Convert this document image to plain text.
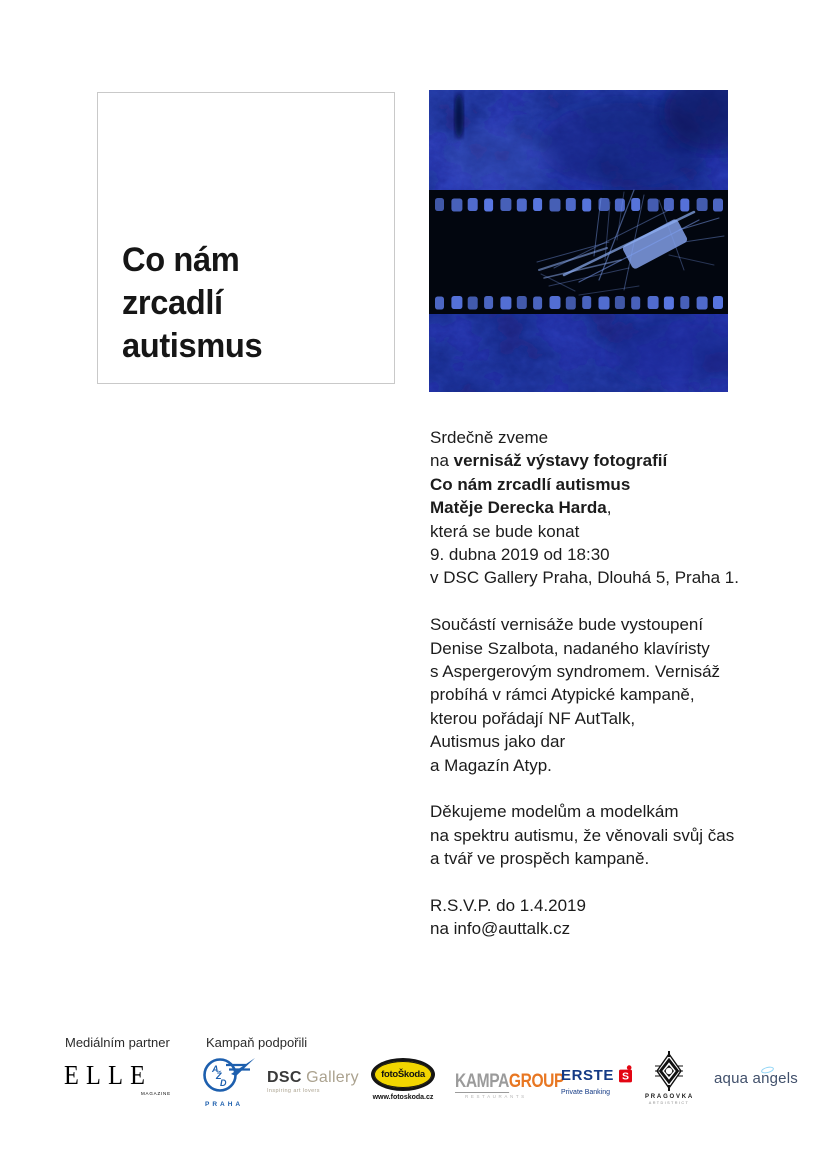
Co nám
zrcadlí
autismus
Srdečně zveme
na vernisáž výstavy fotografií
Co nám zrcadlí autismus
Matěje Derecka Harda,
která se bude konat
9. dubna 2019 od 18:30
v DSC Gallery Praha, Dlouhá 5, Praha 1.
Součástí vernisáže bude vystoupení
Denise Szalbota, nadaného klavíristy
s Aspergerovým syndromem. Vernisáž
probíhá v rámci Atypické kampaně,
kterou pořádají NF AutTalk,
Autismus jako dar
a Magazín Atyp.
Děkujeme modelům a modelkám
na spektru autismu, že věnovali svůj čas
a tvář ve prospěch kampaně.
R.S.V.P. do 1.4.2019
na info@auttalk.cz
Mediálním partner	Kampaň podpořili
ELLE
MAGAZINE
A
Ž
D
PRAHA
DSC Gallery
Inspiring art lovers
fotoŠkoda
www.fotoskoda.cz
KAMPAGROUP
RESTAURANTS
ERSTE S
Private Banking
PRAGOVKA
ARTDISTRICT
aqua angels
